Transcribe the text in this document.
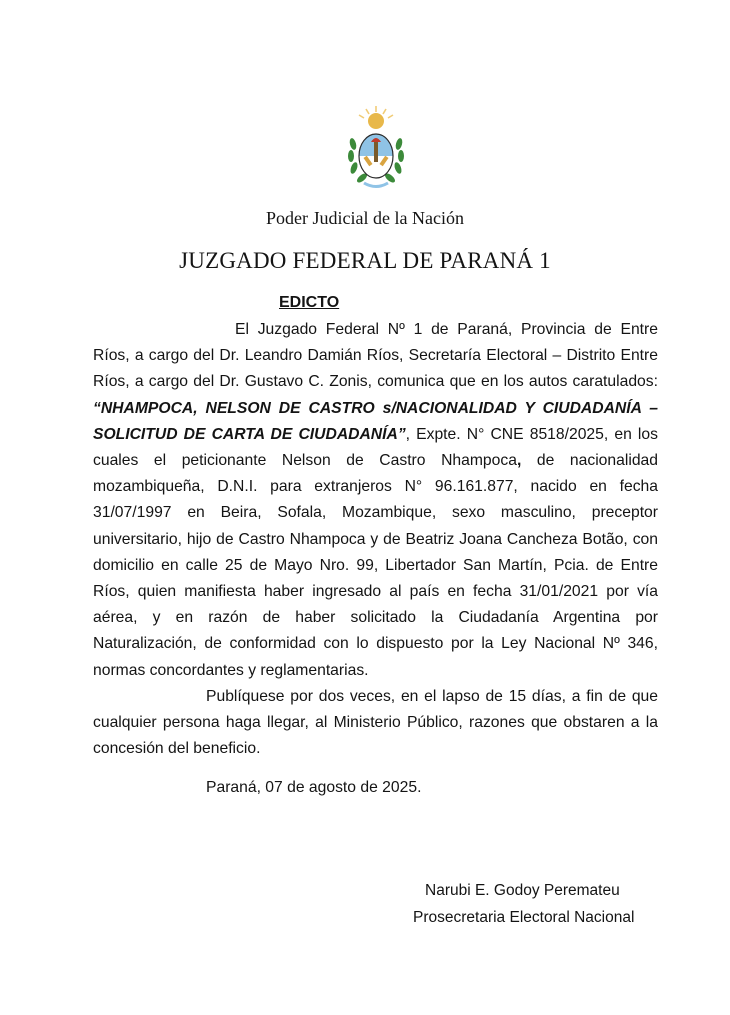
Poder Judicial de la Nación
JUZGADO FEDERAL DE PARANÁ 1
EDICTO

El Juzgado Federal Nº 1 de Paraná, Provincia de Entre Ríos, a cargo del Dr. Leandro Damián Ríos, Secretaría Electoral – Distrito Entre Ríos, a cargo del Dr. Gustavo C. Zonis, comunica que en los autos caratulados: “NHAMPOCA, NELSON DE CASTRO s/NACIONALIDAD Y CIUDADANÍA –SOLICITUD DE CARTA DE CIUDADANÍA”, Expte. N° CNE 8518/2025, en los cuales el peticionante Nelson de Castro Nhampoca, de nacionalidad mozambiqueña, D.N.I. para extranjeros N° 96.161.877, nacido en fecha 31/07/1997 en Beira, Sofala, Mozambique, sexo masculino, preceptor universitario, hijo de Castro Nhampoca y de Beatriz Joana Cancheza Botão, con domicilio en calle 25 de Mayo Nro. 99, Libertador San Martín, Pcia. de Entre Ríos, quien manifiesta haber ingresado al país en fecha 31/01/2021 por vía aérea, y en razón de haber solicitado la Ciudadanía Argentina por Naturalización, de conformidad con lo dispuesto por la Ley Nacional Nº 346, normas concordantes y reglamentarias.

Publíquese por dos veces, en el lapso de 15 días, a fin de que cualquier persona haga llegar, al Ministerio Público, razones que obstaren a la concesión del beneficio.

Paraná, 07 de agosto de 2025.
Narubi E. Godoy Peremateu
Prosecretaria Electoral Nacional
